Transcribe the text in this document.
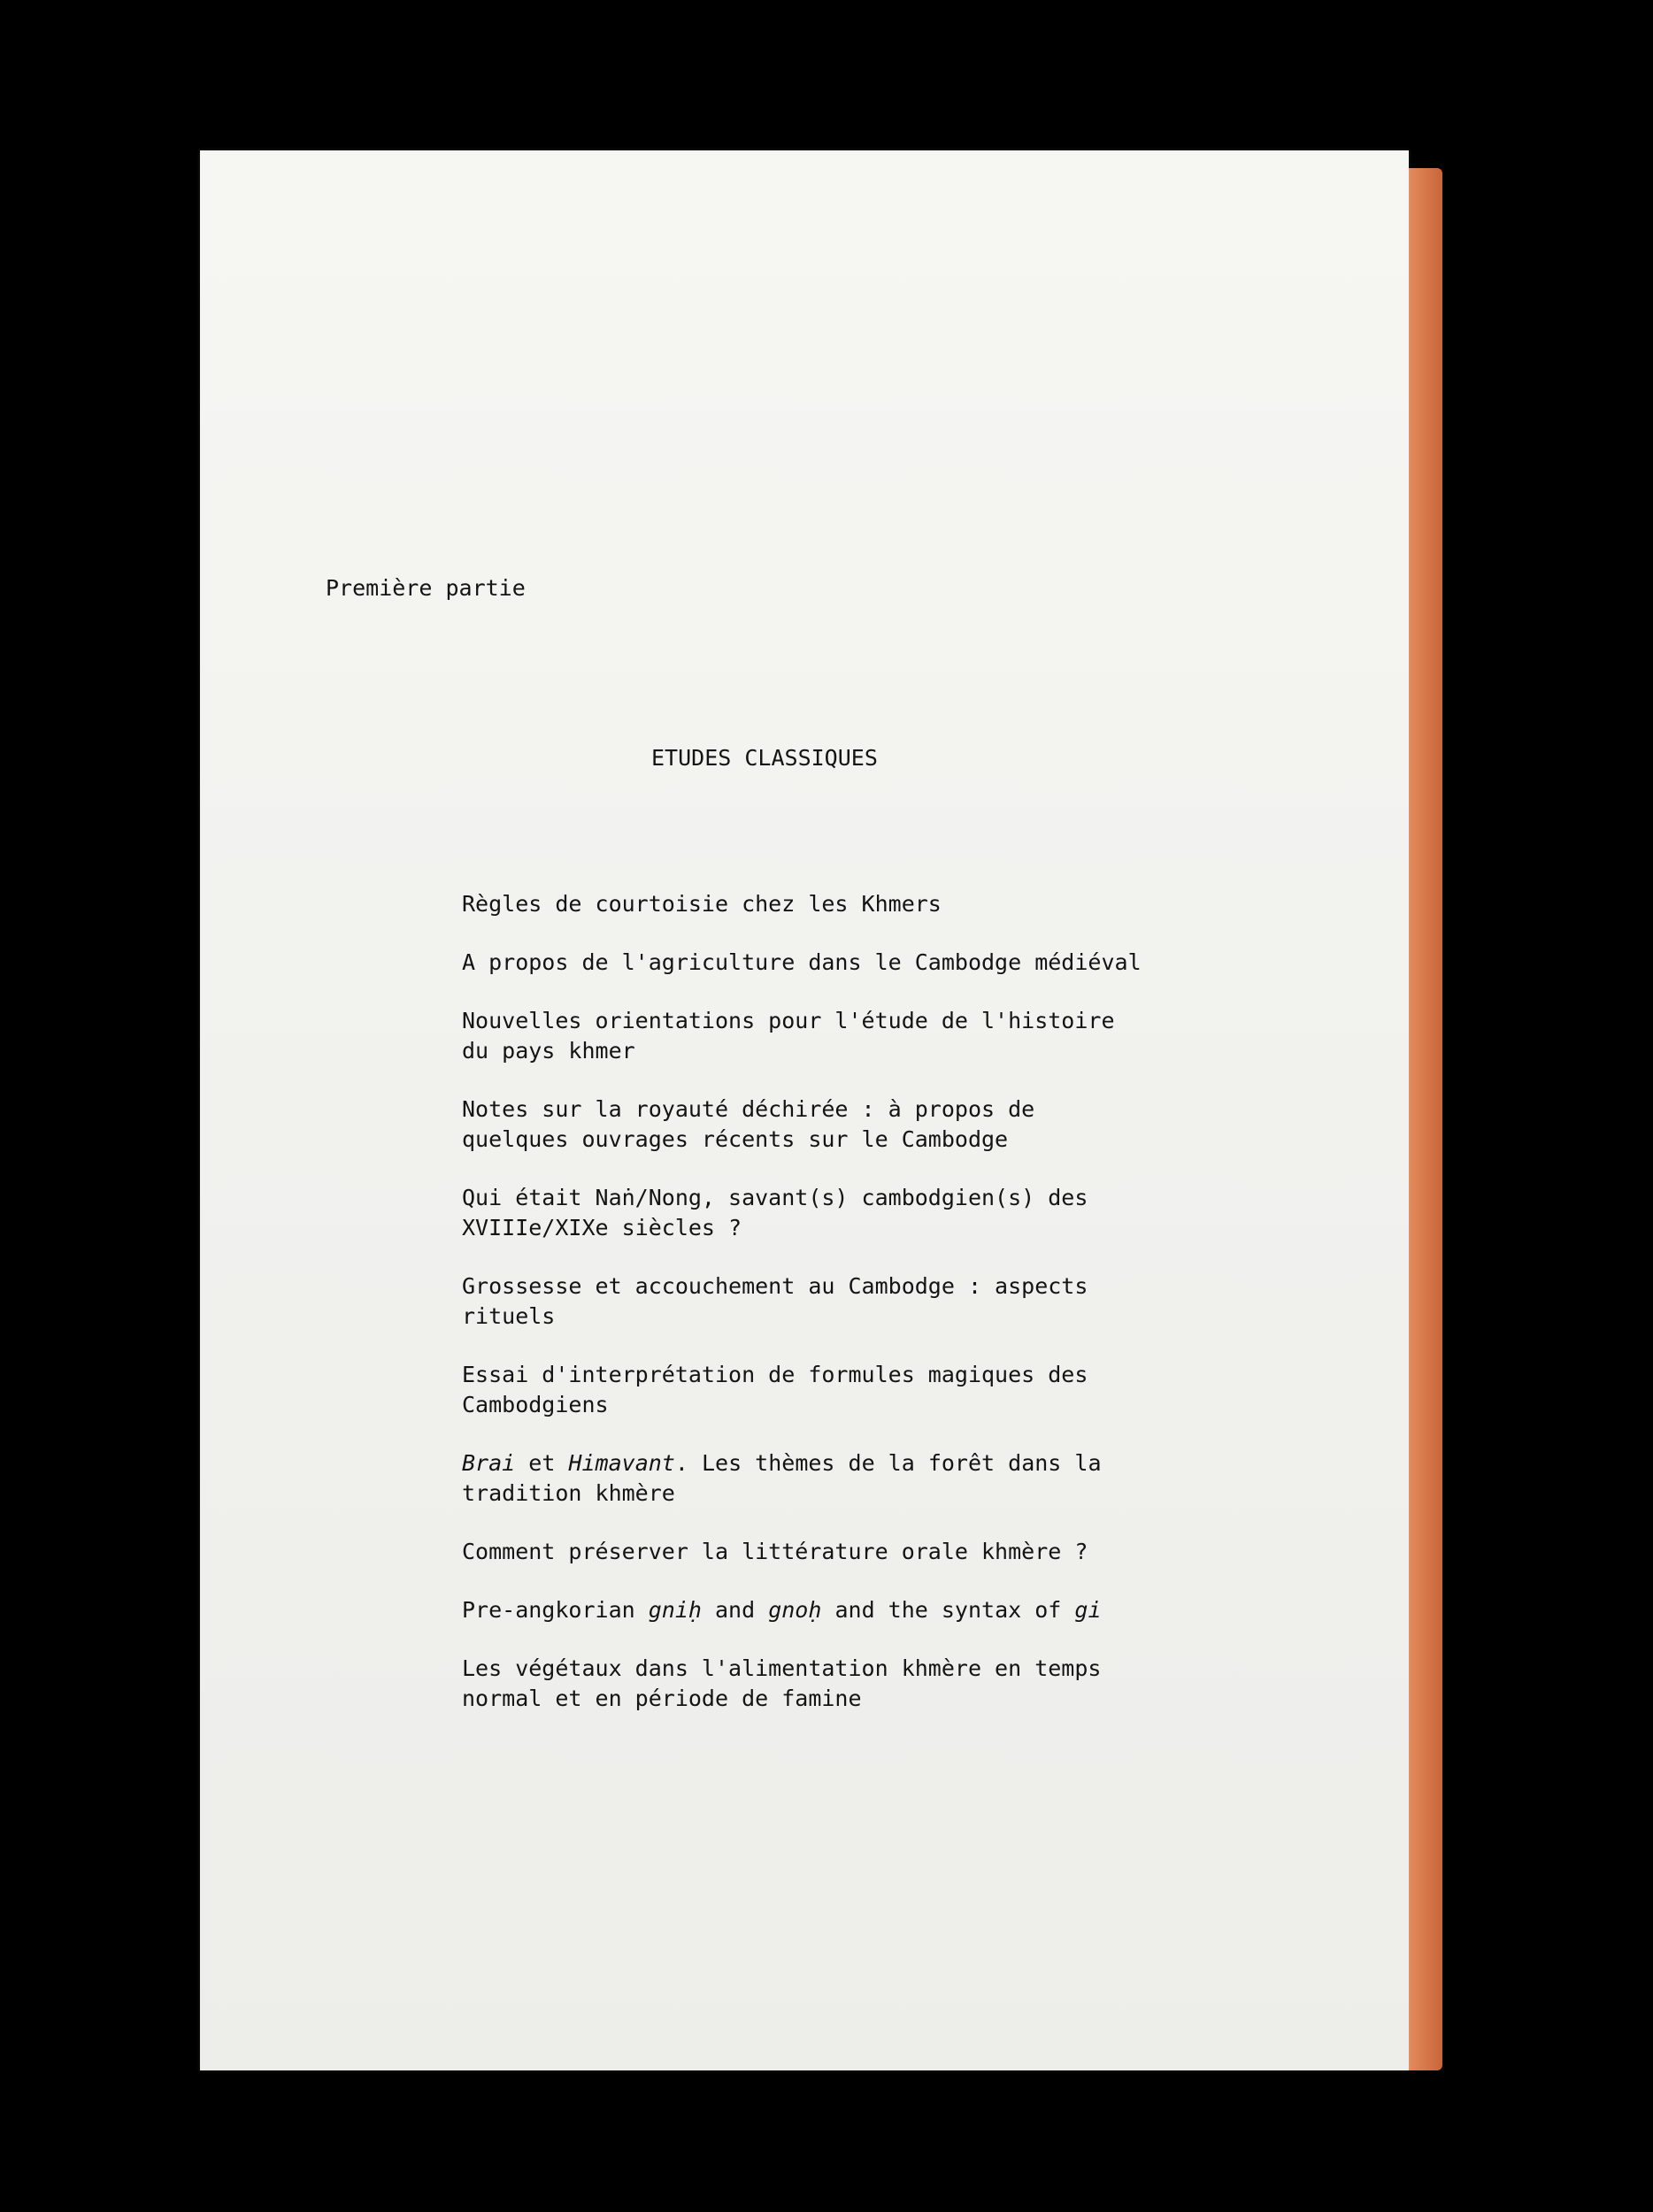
Première partie

ETUDES CLASSIQUES

Règles de courtoisie chez les Khmers
A propos de l'agriculture dans le Cambodge médiéval
Nouvelles orientations pour l'étude de l'histoire
du pays khmer
Notes sur la royauté déchirée : à propos de
quelques ouvrages récents sur le Cambodge
Qui était Naṅ/Nong, savant(s) cambodgien(s) des
XVIIIe/XIXe siècles ?
Grossesse et accouchement au Cambodge : aspects
rituels
Essai d'interprétation de formules magiques des
Cambodgiens
Brai et Himavant. Les thèmes de la forêt dans la
tradition khmère
Comment préserver la littérature orale khmère ?
Pre-angkorian gniḥ and gnoḥ and the syntax of gi
Les végétaux dans l'alimentation khmère en temps
normal et en période de famine
